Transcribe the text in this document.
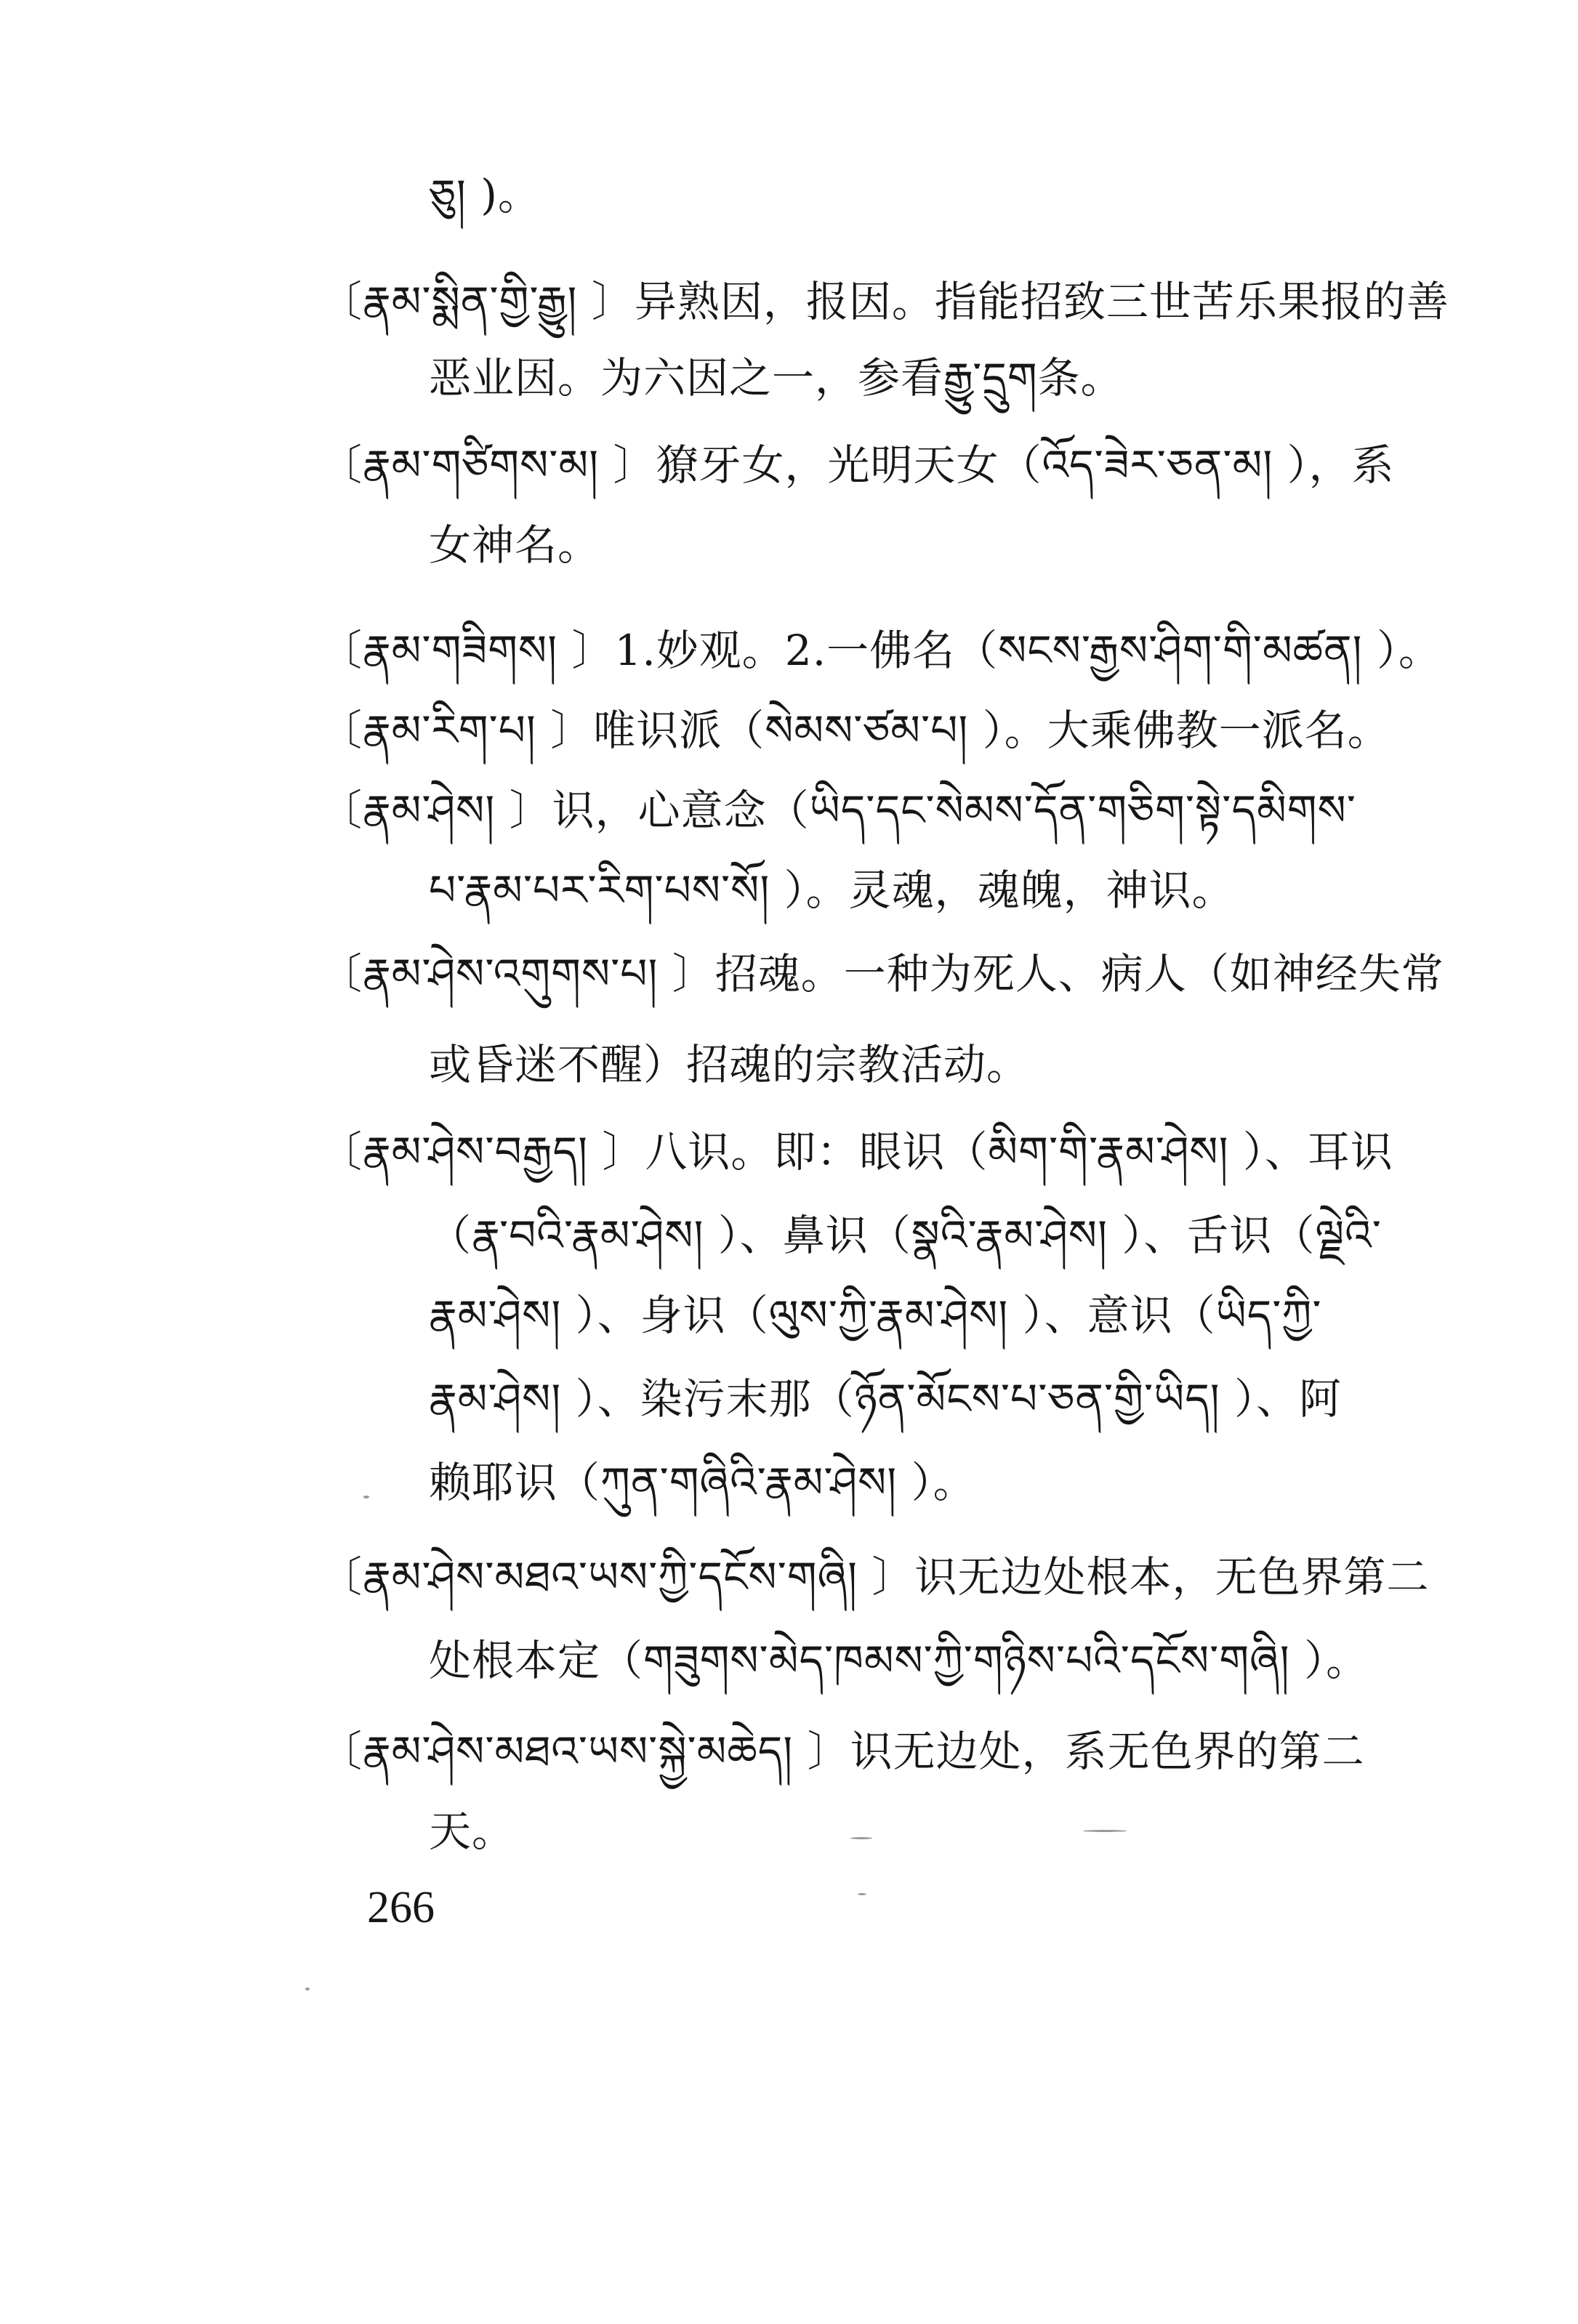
ཅུ། )。
〔རྣམ་སྨིན་གྱི་རྒྱུ། 〕异熟因，报因。指能招致三世苦乐果报的善
恶业因。为六因之一，参看རྒྱུ་དྲུག条。
〔རྣམ་གཙིགས་མ། 〕獠牙女，光明天女（འོད་ཟེར་ཅན་མ། ），系
女神名。
〔རྣམ་གཟིགས། 〕1.妙观。2.一佛名（སངས་རྒྱས་ཤིག་གི་མཚན། ）。
〔རྣམ་རིག་པ། 〕唯识派（སེམས་ཙམ་པ། ）。大乘佛教一派名。
〔རྣམ་ཤེས། 〕识，心意念（ཡིད་དང་སེམས་དོན་གཅིག་སྟེ་དམིགས་
པ་རྣམ་པར་རིག་པས་སོ། ）。灵魂，魂魄，神识。
〔རྣམ་ཤེས་འགུགས་པ། 〕招魂。一种为死人、病人（如神经失常
或昏迷不醒）招魂的宗教活动。
〔རྣམ་ཤེས་བརྒྱད། 〕八识。即：眼识（མིག་གི་རྣམ་ཤེས། ）、耳识
（རྣ་བའི་རྣམ་ཤེས། ）、鼻识（སྣའི་རྣམ་ཤེས། ）、舌识（ལྗེའི་
རྣམ་ཤེས། ）、身识（ལུས་ཀྱི་རྣམ་ཤེས། ）、意识（ཡིད་ཀྱི་
རྣམ་ཤེས། ）、染污末那（ཉོན་མོངས་པ་ཅན་གྱི་ཡིད། ）、阿
赖耶识（ཀུན་གཞིའི་རྣམ་ཤེས། ）。
〔རྣམ་ཤེས་མཐའ་ཡས་ཀྱི་དངོས་གཞི། 〕识无边处根本，无色界第二
处根本定（གཟུགས་མེད་ཁམས་ཀྱི་གཉིས་པའི་དངོས་གཞི། ）。
〔རྣམ་ཤེས་མཐའ་ཡས་སྐྱེ་མཆེད། 〕识无边处，系无色界的第二
天。
266
